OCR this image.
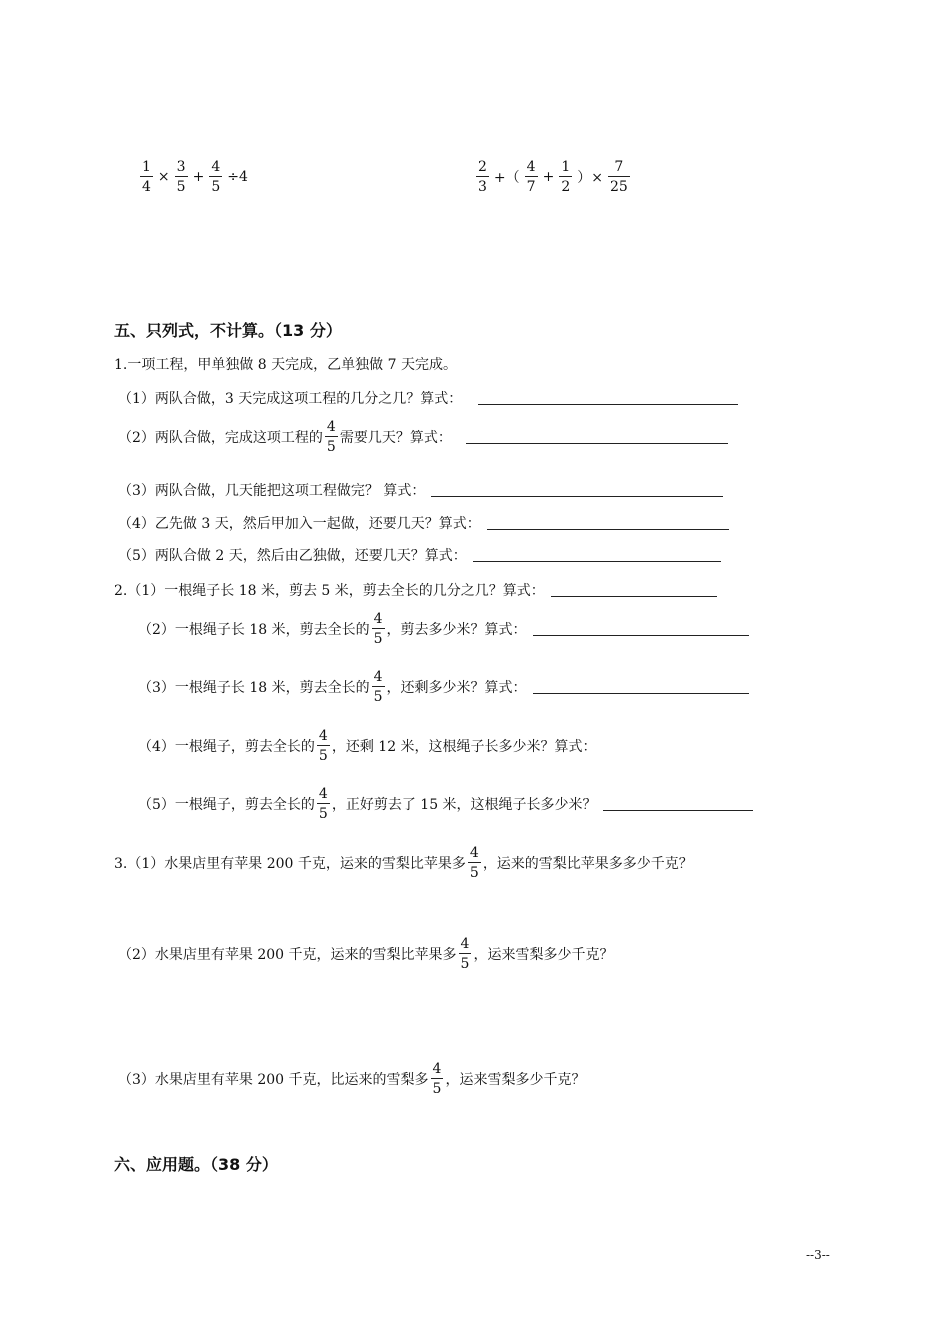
$\frac{1}{4} \times \frac{3}{5} + \frac{4}{5} \div 4$	$\frac{2}{3}$ +（ $\frac{4}{7} + \frac{1}{2}$ ）× $\frac{7}{25}$
五、只列式，不计算。（13 分）
1.一项工程，甲单独做 8 天完成，乙单独做 7 天完成。
（1）两队合做，3 天完成这项工程的几分之几？算式：
（2）两队合做，完成这项工程的 $\frac{4}{5}$ 需要几天？算式：
（3）两队合做，几天能把这项工程做完？ 算式：
（4）乙先做 3 天，然后甲加入一起做，还要几天？算式：
（5）两队合做 2 天，然后由乙独做，还要几天？算式：
2.（1）一根绳子长 18 米，剪去 5 米，剪去全长的几分之几？算式：
（2）一根绳子长 18 米，剪去全长的 $\frac{4}{5}$ ，剪去多少米？算式：
（3）一根绳子长 18 米，剪去全长的 $\frac{4}{5}$ ，还剩多少米？算式：
（4）一根绳子，剪去全长的 $\frac{4}{5}$ ，还剩 12 米，这根绳子长多少米？算式：
（5）一根绳子，剪去全长的 $\frac{4}{5}$ ，正好剪去了 15 米，这根绳子长多少米？
3.（1）水果店里有苹果 200 千克，运来的雪梨比苹果多 $\frac{4}{5}$ ，运来的雪梨比苹果多多少千克？
（2）水果店里有苹果 200 千克，运来的雪梨比苹果多 $\frac{4}{5}$ ，运来雪梨多少千克？
（3）水果店里有苹果 200 千克，比运来的雪梨多 $\frac{4}{5}$ ，运来雪梨多少千克？
六、应用题。（38 分）
--3--
